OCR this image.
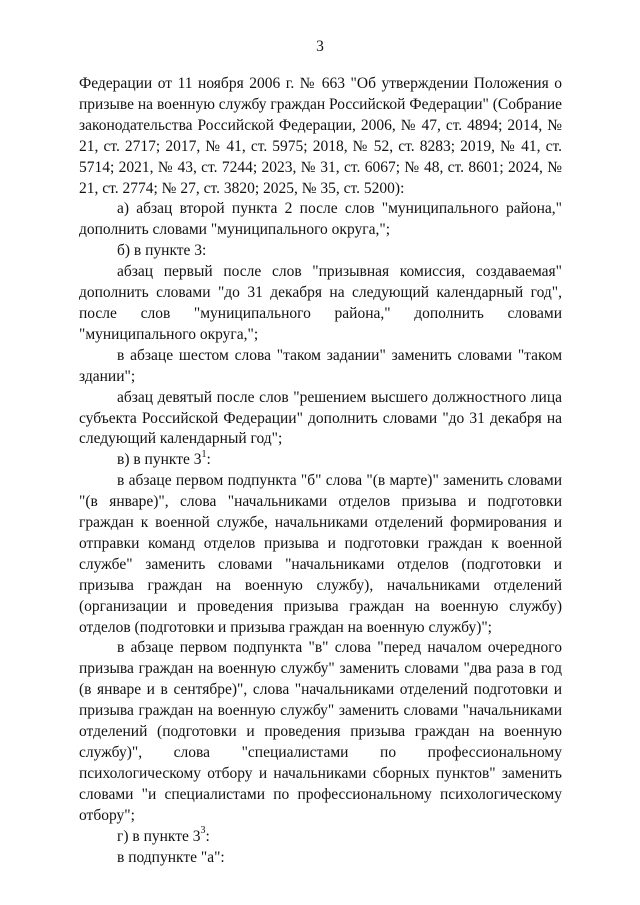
3

Федерации от 11 ноября 2006 г. № 663 "Об утверждении Положения о призыве на военную службу граждан Российской Федерации" (Собрание законодательства Российской Федерации, 2006, № 47, ст. 4894; 2014, № 21, ст. 2717; 2017, № 41, ст. 5975; 2018, № 52, ст. 8283; 2019, № 41, ст. 5714; 2021, № 43, ст. 7244; 2023, № 31, ст. 6067; № 48, ст. 8601; 2024, № 21, ст. 2774; № 27, ст. 3820; 2025, № 35, ст. 5200):

а) абзац второй пункта 2 после слов "муниципального района," дополнить словами "муниципального округа,";

б) в пункте 3:

абзац первый после слов "призывная комиссия, создаваемая" дополнить словами "до 31 декабря на следующий календарный год", после слов "муниципального района," дополнить словами "муниципального округа,";

в абзаце шестом слова "таком задании" заменить словами "таком здании";

абзац девятый после слов "решением высшего должностного лица субъекта Российской Федерации" дополнить словами "до 31 декабря на следующий календарный год";

в) в пункте $3^1$:

в абзаце первом подпункта "б" слова "(в марте)" заменить словами "(в январе)", слова "начальниками отделов призыва и подготовки граждан к военной службе, начальниками отделений формирования и отправки команд отделов призыва и подготовки граждан к военной службе" заменить словами "начальниками отделов (подготовки и призыва граждан на военную службу), начальниками отделений (организации и проведения призыва граждан на военную службу) отделов (подготовки и призыва граждан на военную службу)";

в абзаце первом подпункта "в" слова "перед началом очередного призыва граждан на военную службу" заменить словами "два раза в год (в январе и в сентябре)", слова "начальниками отделений подготовки и призыва граждан на военную службу" заменить словами "начальниками отделений (подготовки и проведения призыва граждан на военную службу)", слова "специалистами по профессиональному психологическому отбору и начальниками сборных пунктов" заменить словами "и специалистами по профессиональному психологическому отбору";

г) в пункте $3^3$:

в подпункте "а":
